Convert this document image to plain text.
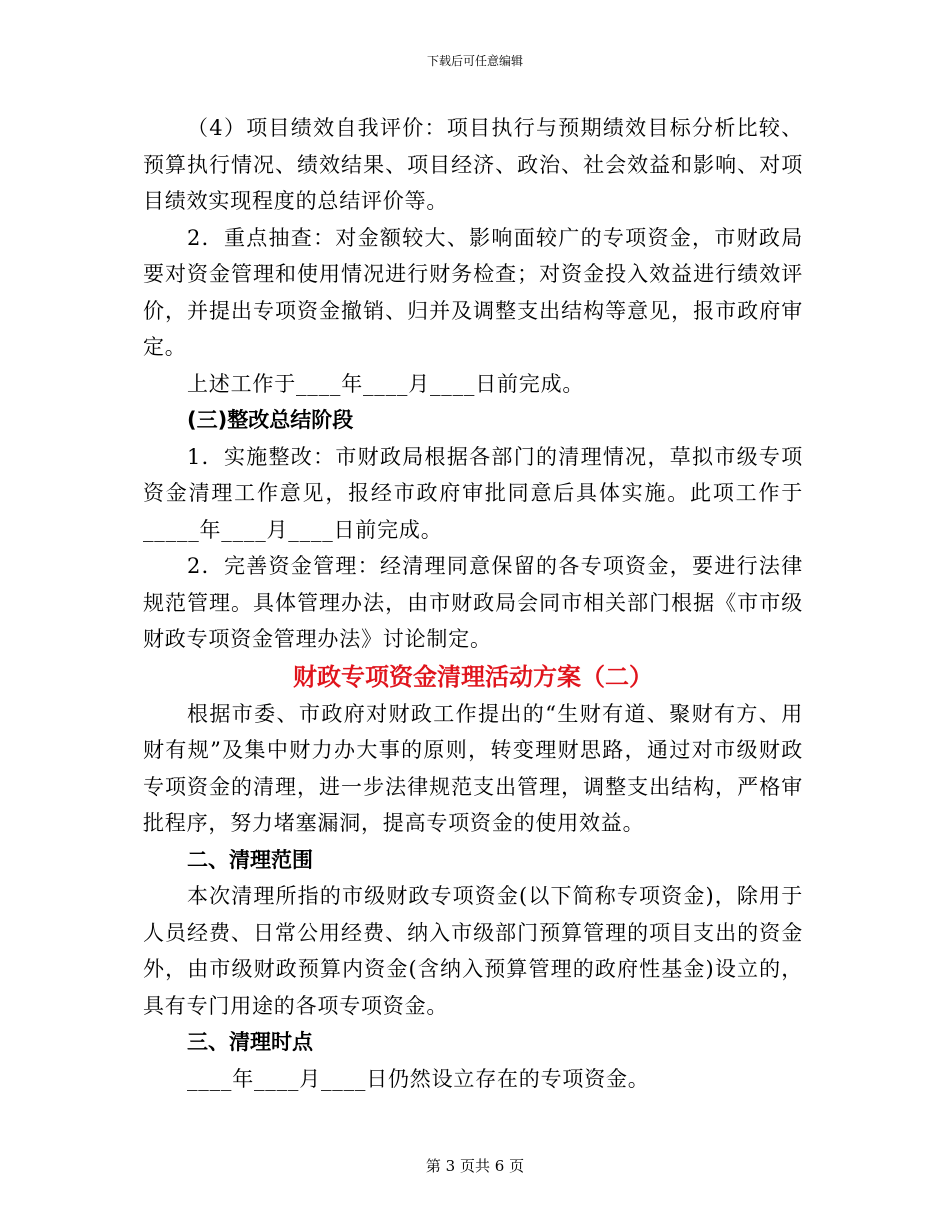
下载后可任意编辑

（4）项目绩效自我评价：项目执行与预期绩效目标分析比较、预算执行情况、绩效结果、项目经济、政治、社会效益和影响、对项目绩效实现程度的总结评价等。

2．重点抽查：对金额较大、影响面较广的专项资金，市财政局要对资金管理和使用情况进行财务检查；对资金投入效益进行绩效评价，并提出专项资金撤销、归并及调整支出结构等意见，报市政府审定。

上述工作于____年____月____日前完成。

(三)整改总结阶段

1．实施整改：市财政局根据各部门的清理情况，草拟市级专项资金清理工作意见，报经市政府审批同意后具体实施。此项工作于_____年____月____日前完成。

2．完善资金管理：经清理同意保留的各专项资金，要进行法律规范管理。具体管理办法，由市财政局会同市相关部门根据《市市级财政专项资金管理办法》讨论制定。

财政专项资金清理活动方案（二）

根据市委、市政府对财政工作提出的“生财有道、聚财有方、用财有规”及集中财力办大事的原则，转变理财思路，通过对市级财政专项资金的清理，进一步法律规范支出管理，调整支出结构，严格审批程序，努力堵塞漏洞，提高专项资金的使用效益。

二、清理范围

本次清理所指的市级财政专项资金(以下简称专项资金)，除用于人员经费、日常公用经费、纳入市级部门预算管理的项目支出的资金外，由市级财政预算内资金(含纳入预算管理的政府性基金)设立的，具有专门用途的各项专项资金。

三、清理时点

____年____月____日仍然设立存在的专项资金。

第 3 页共 6 页
